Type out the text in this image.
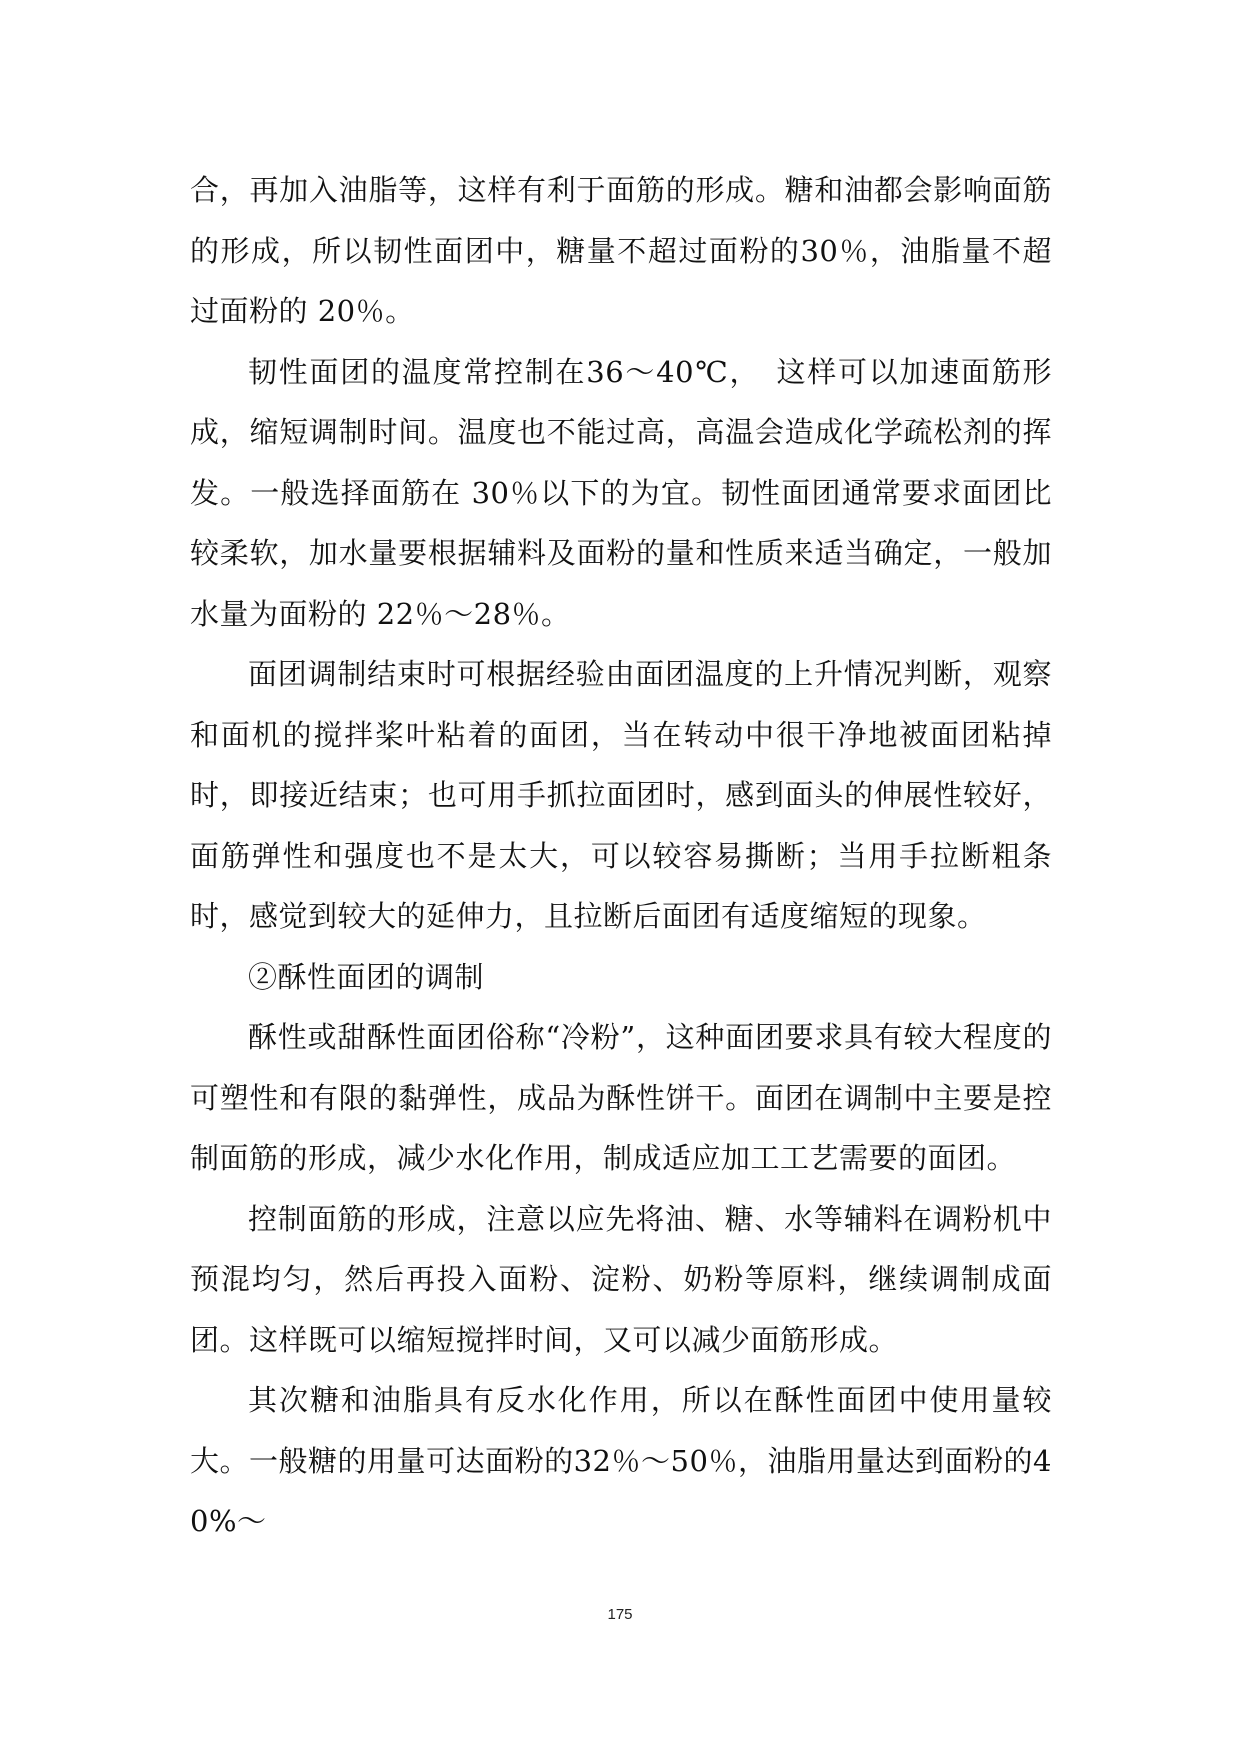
合，再加入油脂等，这样有利于面筋的形成。糖和油都会影响面筋的形成，所以韧性面团中，糖量不超过面粉的30％，油脂量不超过面粉的 20％。

韧性面团的温度常控制在36～40℃，　这样可以加速面筋形成，缩短调制时间。温度也不能过高，高温会造成化学疏松剂的挥发。一般选择面筋在 30％以下的为宜。韧性面团通常要求面团比较柔软，加水量要根据辅料及面粉的量和性质来适当确定，一般加水量为面粉的 22％～28％。

面团调制结束时可根据经验由面团温度的上升情况判断，观察和面机的搅拌桨叶粘着的面团，当在转动中很干净地被面团粘掉时，即接近结束；也可用手抓拉面团时，感到面头的伸展性较好，面筋弹性和强度也不是太大，可以较容易撕断；当用手拉断粗条时，感觉到较大的延伸力，且拉断后面团有适度缩短的现象。

②酥性面团的调制

酥性或甜酥性面团俗称“冷粉”，这种面团要求具有较大程度的可塑性和有限的黏弹性，成品为酥性饼干。面团在调制中主要是控制面筋的形成，减少水化作用，制成适应加工工艺需要的面团。

控制面筋的形成，注意以应先将油、糖、水等辅料在调粉机中预混均匀，然后再投入面粉、淀粉、奶粉等原料，继续调制成面团。这样既可以缩短搅拌时间，又可以减少面筋形成。

其次糖和油脂具有反水化作用，所以在酥性面团中使用量较大。一般糖的用量可达面粉的32％～50％，油脂用量达到面粉的40%～

175
